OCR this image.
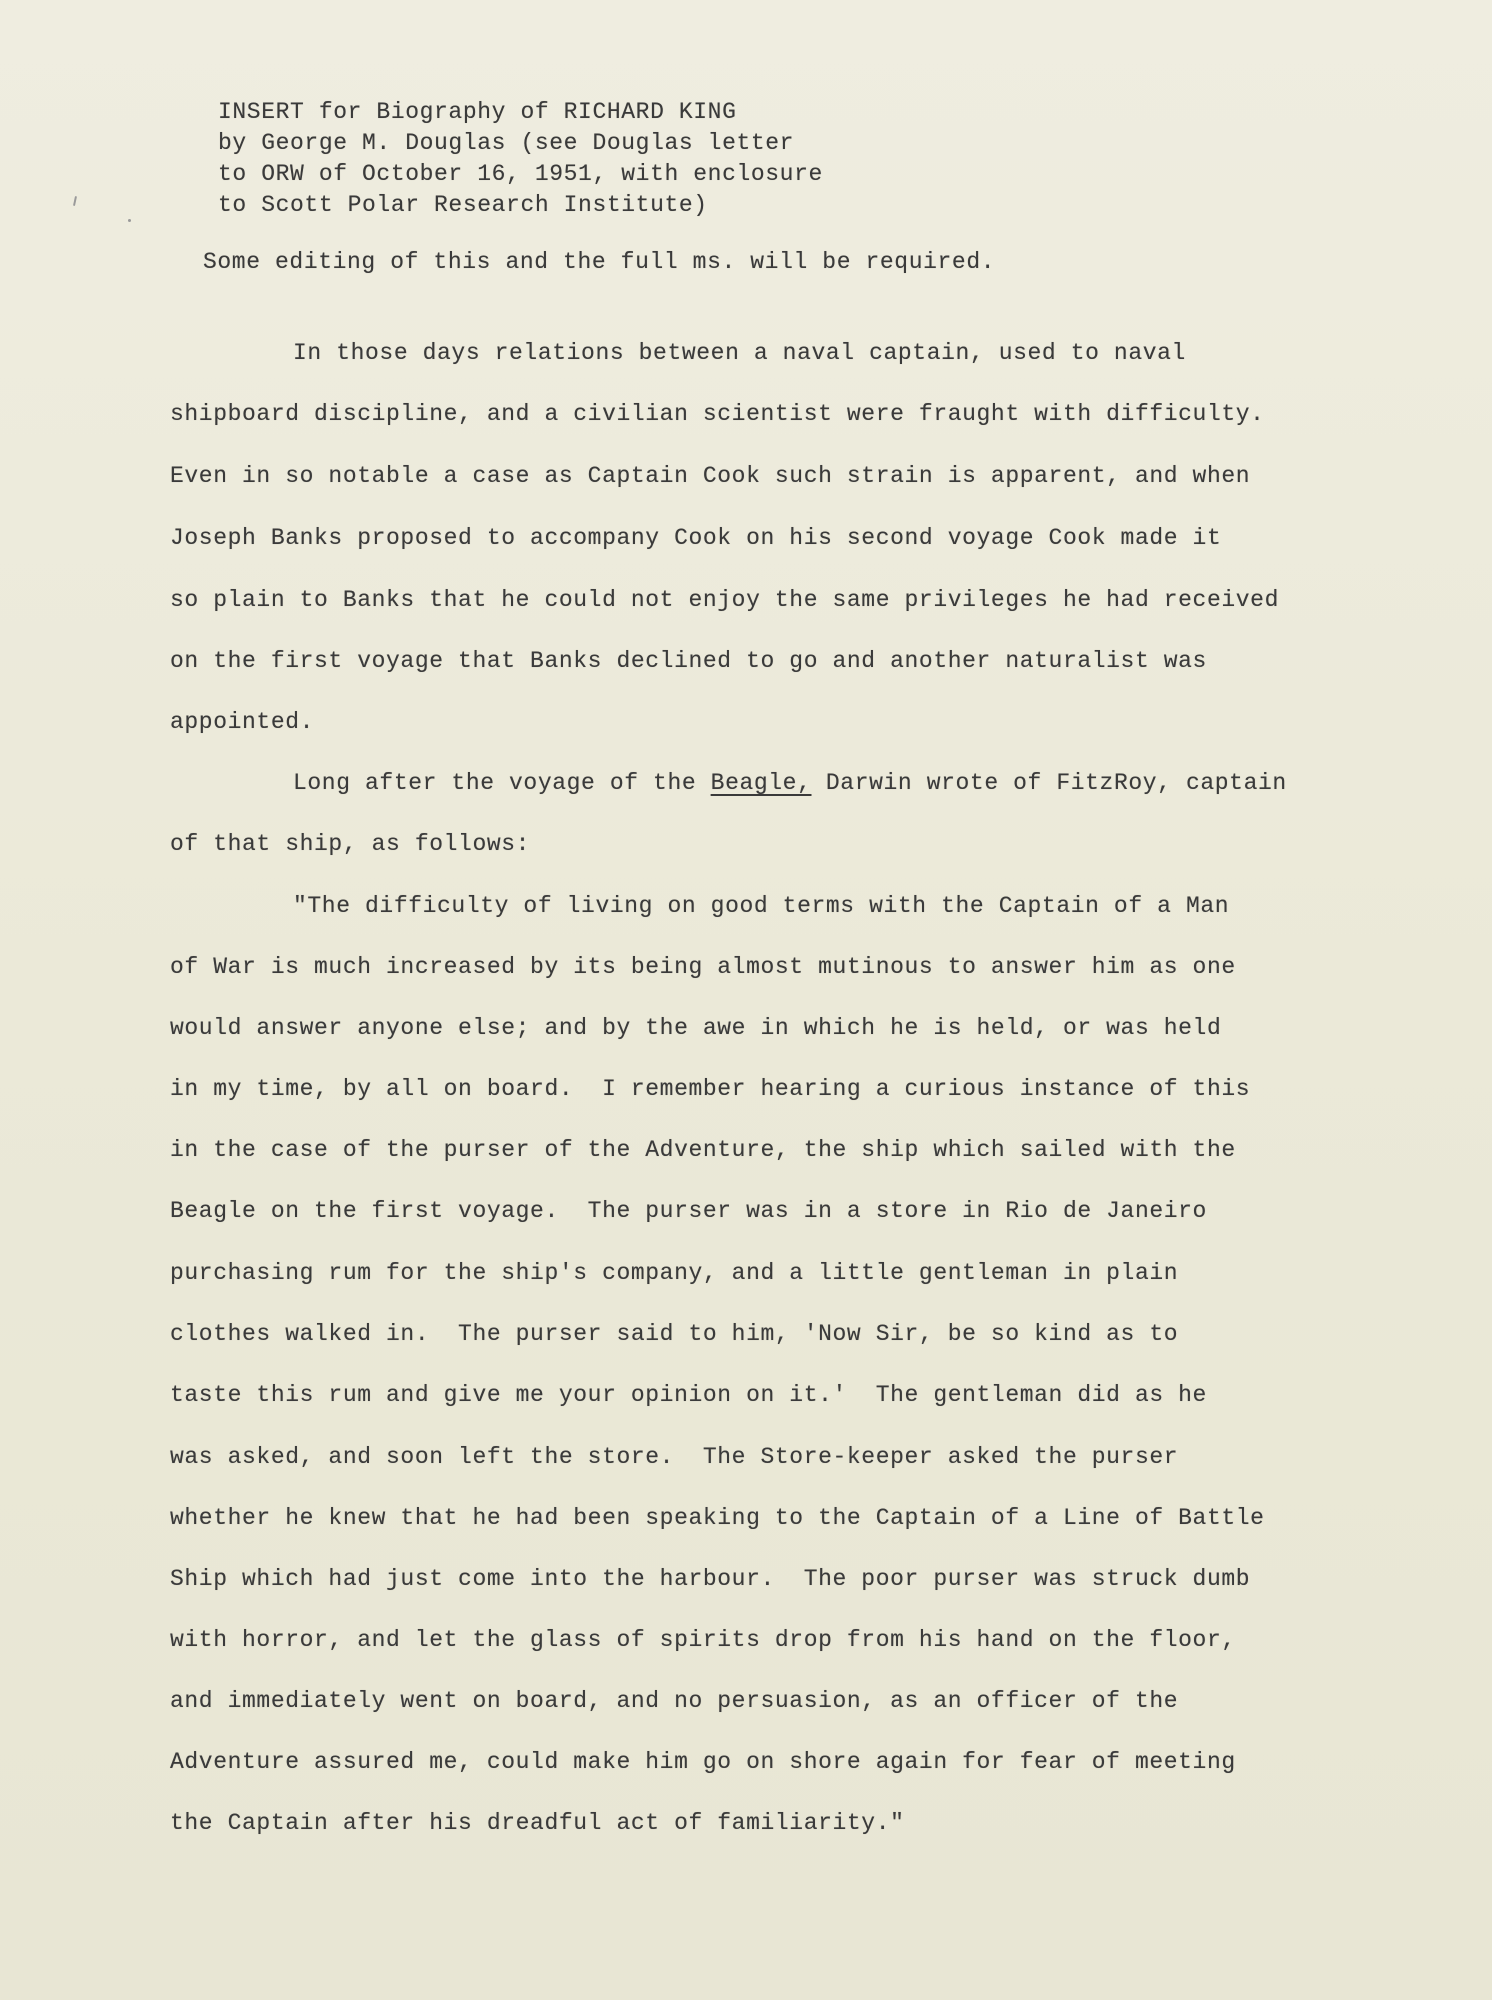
INSERT for Biography of RICHARD KING
by George M. Douglas (see Douglas letter
to ORW of October 16, 1951, with enclosure
to Scott Polar Research Institute)
Some editing of this and the full ms. will be required.
In those days relations between a naval captain, used to naval
shipboard discipline, and a civilian scientist were fraught with difficulty.
Even in so notable a case as Captain Cook such strain is apparent, and when
Joseph Banks proposed to accompany Cook on his second voyage Cook made it
so plain to Banks that he could not enjoy the same privileges he had received
on the first voyage that Banks declined to go and another naturalist was
appointed.
Long after the voyage of the Beagle, Darwin wrote of FitzRoy, captain
of that ship, as follows:
"The difficulty of living on good terms with the Captain of a Man
of War is much increased by its being almost mutinous to answer him as one
would answer anyone else; and by the awe in which he is held, or was held
in my time, by all on board.  I remember hearing a curious instance of this
in the case of the purser of the Adventure, the ship which sailed with the
Beagle on the first voyage.  The purser was in a store in Rio de Janeiro
purchasing rum for the ship's company, and a little gentleman in plain
clothes walked in.  The purser said to him, 'Now Sir, be so kind as to
taste this rum and give me your opinion on it.'  The gentleman did as he
was asked, and soon left the store.  The Store-keeper asked the purser
whether he knew that he had been speaking to the Captain of a Line of Battle
Ship which had just come into the harbour.  The poor purser was struck dumb
with horror, and let the glass of spirits drop from his hand on the floor,
and immediately went on board, and no persuasion, as an officer of the
Adventure assured me, could make him go on shore again for fear of meeting
the Captain after his dreadful act of familiarity."
